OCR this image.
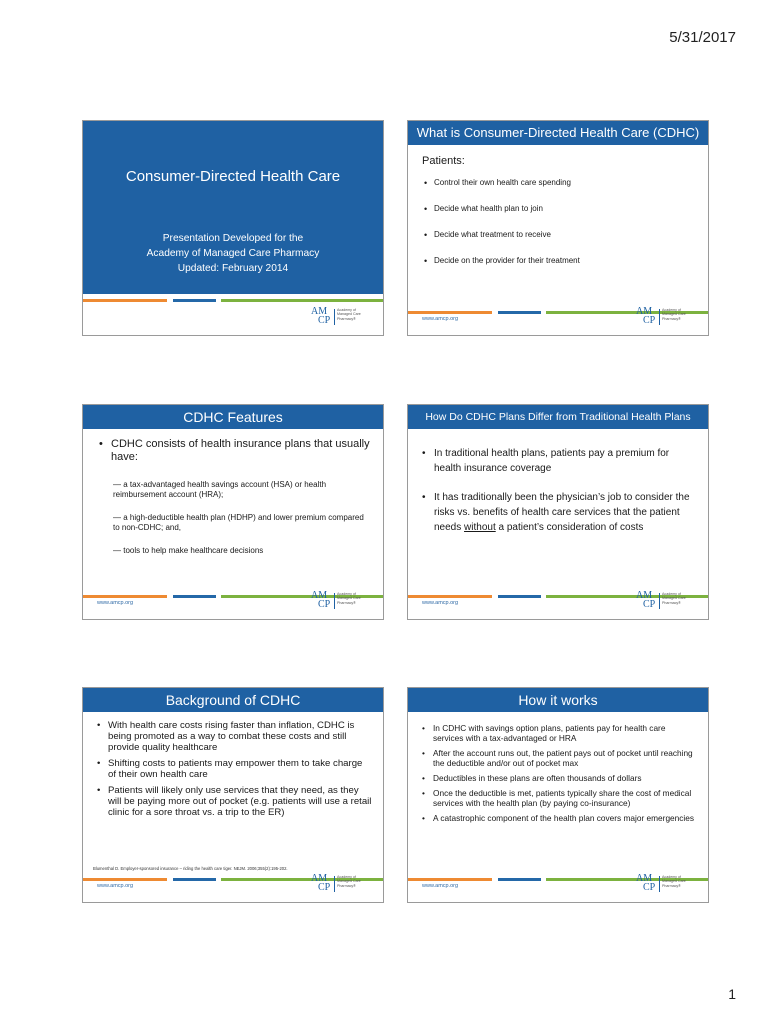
5/31/2017
Consumer-Directed Health Care
Presentation Developed for the
Academy of Managed Care Pharmacy
Updated: February 2014
AM
CP
Academy of
Managed Care
Pharmacy®
What is Consumer-Directed Health Care (CDHC)
Patients:
• Control their own health care spending
• Decide what health plan to join
• Decide what treatment to receive
• Decide on the provider for their treatment
www.amcp.org
AM
CP
Academy of
Managed Care
Pharmacy®
CDHC Features
• CDHC consists of health insurance plans that usually have:
— a tax-advantaged health savings account (HSA) or health reimbursement account (HRA);
— a high-deductible health plan (HDHP) and lower premium compared to non-CDHC; and,
— tools to help make healthcare decisions
www.amcp.org
AM
CP
Academy of
Managed Care
Pharmacy®
How Do CDHC Plans Differ from Traditional Health Plans
• In traditional health plans, patients pay a premium for health insurance coverage
• It has traditionally been the physician’s job to consider the risks vs. benefits of health care services that the patient needs without a patient’s consideration of costs
www.amcp.org
AM
CP
Academy of
Managed Care
Pharmacy®
Background of CDHC
• With health care costs rising faster than inflation, CDHC is being promoted as a way to combat these costs and still provide quality healthcare
• Shifting costs to patients may empower them to take charge of their own health care
• Patients will likely only use services that they need, as they will be paying more out of pocket (e.g. patients will use a retail clinic for a sore throat vs. a trip to the ER)
Blumenthal D. Employer-sponsored insurance – riding the health care tiger. NEJM. 2006;355(2):195-202.
www.amcp.org
AM
CP
Academy of
Managed Care
Pharmacy®
How it works
• In CDHC with savings option plans, patients pay for health care services with a tax-advantaged or HRA
• After the account runs out, the patient pays out of pocket until reaching the deductible and/or out of pocket max
• Deductibles in these plans are often thousands of dollars
• Once the deductible is met, patients typically share the cost of medical services with the health plan (by paying co-insurance)
• A catastrophic component of the health plan covers major emergencies
www.amcp.org
AM
CP
Academy of
Managed Care
Pharmacy®
1
